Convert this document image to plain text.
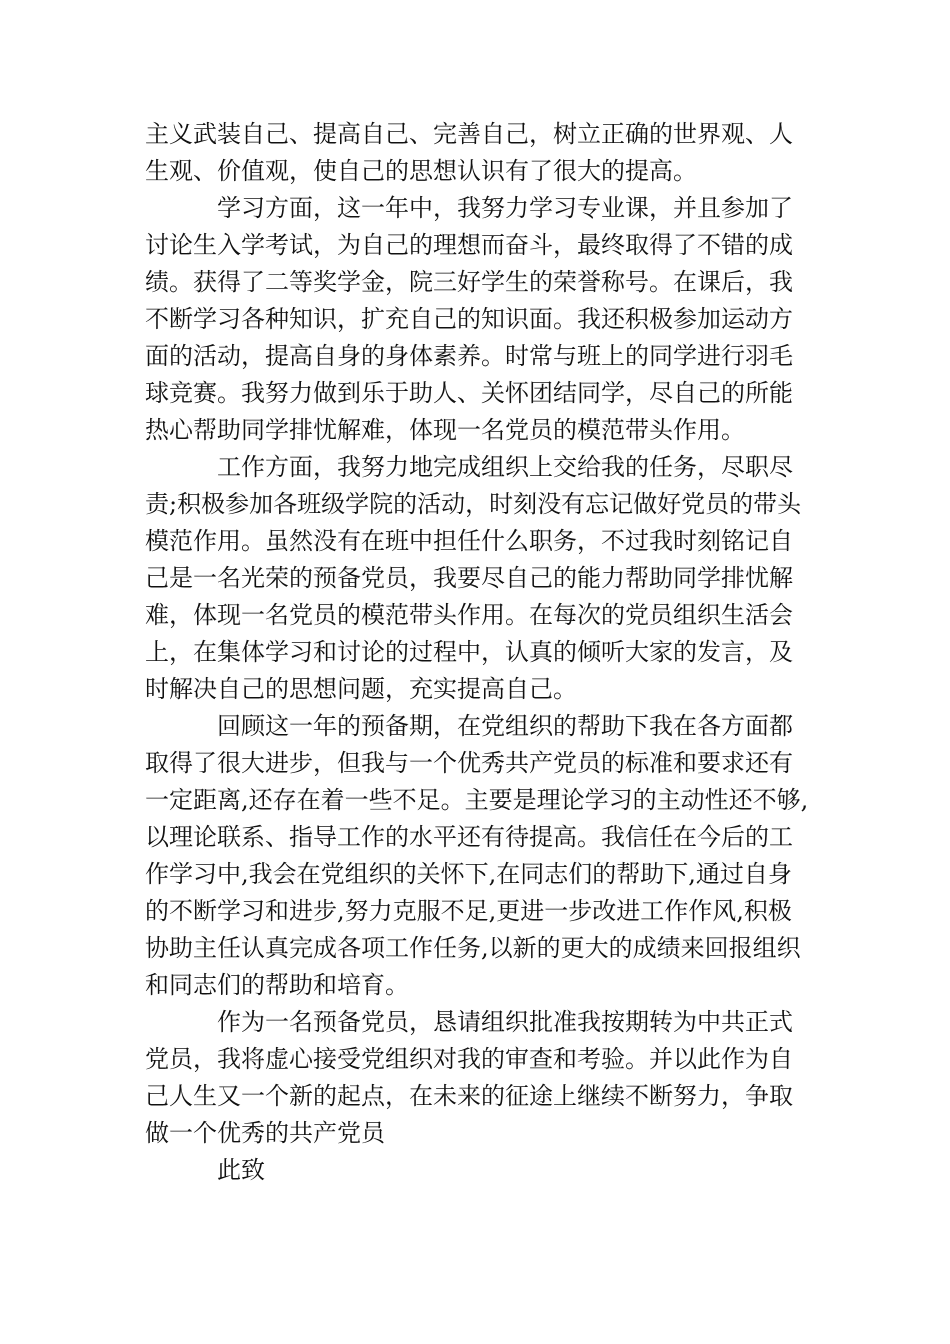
主义武装自己、提高自己、完善自己，树立正确的世界观、人
生观、价值观，使自己的思想认识有了很大的提高。
学习方面，这一年中，我努力学习专业课，并且参加了
讨论生入学考试，为自己的理想而奋斗，最终取得了不错的成
绩。获得了二等奖学金，院三好学生的荣誉称号。在课后，我
不断学习各种知识，扩充自己的知识面。我还积极参加运动方
面的活动，提高自身的身体素养。时常与班上的同学进行羽毛
球竞赛。我努力做到乐于助人、关怀团结同学，尽自己的所能
热心帮助同学排忧解难，体现一名党员的模范带头作用。
工作方面，我努力地完成组织上交给我的任务，尽职尽
责;积极参加各班级学院的活动，时刻没有忘记做好党员的带头
模范作用。虽然没有在班中担任什么职务，不过我时刻铭记自
己是一名光荣的预备党员，我要尽自己的能力帮助同学排忧解
难，体现一名党员的模范带头作用。在每次的党员组织生活会
上，在集体学习和讨论的过程中，认真的倾听大家的发言，及
时解决自己的思想问题，充实提高自己。
回顾这一年的预备期，在党组织的帮助下我在各方面都
取得了很大进步，但我与一个优秀共产党员的标准和要求还有
一定距离,还存在着一些不足。主要是理论学习的主动性还不够,
以理论联系、指导工作的水平还有待提高。我信任在今后的工
作学习中,我会在党组织的关怀下,在同志们的帮助下,通过自身
的不断学习和进步,努力克服不足,更进一步改进工作作风,积极
协助主任认真完成各项工作任务,以新的更大的成绩来回报组织
和同志们的帮助和培育。
作为一名预备党员，恳请组织批准我按期转为中共正式
党员，我将虚心接受党组织对我的审查和考验。并以此作为自
己人生又一个新的起点，在未来的征途上继续不断努力，争取
做一个优秀的共产党员
此致
